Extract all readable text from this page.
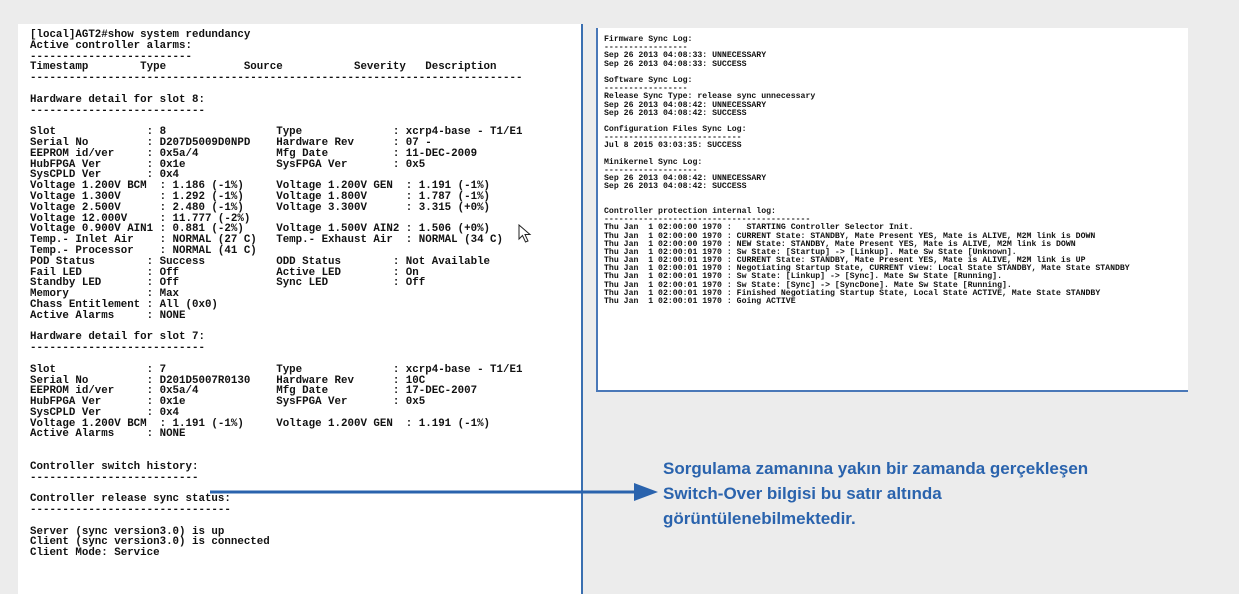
[local]AGT2#show system redundancy
Active controller alarms:
-------------------------
Timestamp        Type            Source           Severity   Description
----------------------------------------------------------------------------

Hardware detail for slot 8:
---------------------------

Slot              : 8                 Type              : xcrp4-base - T1/E1
Serial No         : D207D5009D0NPD    Hardware Rev      : 07 -
EEPROM id/ver     : 0x5a/4            Mfg Date          : 11-DEC-2009
HubFPGA Ver       : 0x1e              SysFPGA Ver       : 0x5
SysCPLD Ver       : 0x4
Voltage 1.200V BCM  : 1.186 (-1%)     Voltage 1.200V GEN  : 1.191 (-1%)
Voltage 1.300V      : 1.292 (-1%)     Voltage 1.800V      : 1.787 (-1%)
Voltage 2.500V      : 2.480 (-1%)     Voltage 3.300V      : 3.315 (+0%)
Voltage 12.000V     : 11.777 (-2%)
Voltage 0.900V AIN1 : 0.881 (-2%)     Voltage 1.500V AIN2 : 1.506 (+0%)
Temp.- Inlet Air    : NORMAL (27 C)   Temp.- Exhaust Air  : NORMAL (34 C)
Temp.- Processor    : NORMAL (41 C)
POD Status        : Success           ODD Status        : Not Available
Fail LED          : Off               Active LED        : On
Standby LED       : Off               Sync LED          : Off
Memory            : Max
Chass Entitlement : All (0x0)
Active Alarms     : NONE

Hardware detail for slot 7:
---------------------------

Slot              : 7                 Type              : xcrp4-base - T1/E1
Serial No         : D201D5007R0130    Hardware Rev      : 10C
EEPROM id/ver     : 0x5a/4            Mfg Date          : 17-DEC-2007
HubFPGA Ver       : 0x1e              SysFPGA Ver       : 0x5
SysCPLD Ver       : 0x4
Voltage 1.200V BCM  : 1.191 (-1%)     Voltage 1.200V GEN  : 1.191 (-1%)
Active Alarms     : NONE

Controller switch history:
--------------------------

Controller release sync status:
-------------------------------

Server (sync version3.0) is up
Client (sync version3.0) is connected
Client Mode: Service

Firmware Sync Log:
-----------------
Sep 26 2013 04:08:33: UNNECESSARY
Sep 26 2013 04:08:33: SUCCESS

Software Sync Log:
-----------------
Release Sync Type: release sync unnecessary
Sep 26 2013 04:08:42: UNNECESSARY
Sep 26 2013 04:08:42: SUCCESS

Configuration Files Sync Log:
----------------------------
Jul 8 2015 03:03:35: SUCCESS

Minikernel Sync Log:
-------------------
Sep 26 2013 04:08:42: UNNECESSARY
Sep 26 2013 04:08:42: SUCCESS

Controller protection internal log:
------------------------------------------
Thu Jan  1 02:00:00 1970 :   STARTING Controller Selector Init.
Thu Jan  1 02:00:00 1970 : CURRENT State: STANDBY, Mate Present YES, Mate is ALIVE, M2M link is DOWN
Thu Jan  1 02:00:00 1970 : NEW State: STANDBY, Mate Present YES, Mate is ALIVE, M2M link is DOWN
Thu Jan  1 02:00:01 1970 : Sw State: [Startup] -> [Linkup]. Mate Sw State [Unknown].
Thu Jan  1 02:00:01 1970 : CURRENT State: STANDBY, Mate Present YES, Mate is ALIVE, M2M link is UP
Thu Jan  1 02:00:01 1970 : Negotiating Startup State, CURRENT view: Local State STANDBY, Mate State STANDBY
Thu Jan  1 02:00:01 1970 : Sw State: [Linkup] -> [Sync]. Mate Sw State [Running].
Thu Jan  1 02:00:01 1970 : Sw State: [Sync] -> [SyncDone]. Mate Sw State [Running].
Thu Jan  1 02:00:01 1970 : Finished Negotiating Startup State, Local State ACTIVE, Mate State STANDBY
Thu Jan  1 02:00:01 1970 : Going ACTIVE

Sorgulama zamanına yakın bir zamanda gerçekleşen
Switch-Over bilgisi bu satır altında
görüntülenebilmektedir.
